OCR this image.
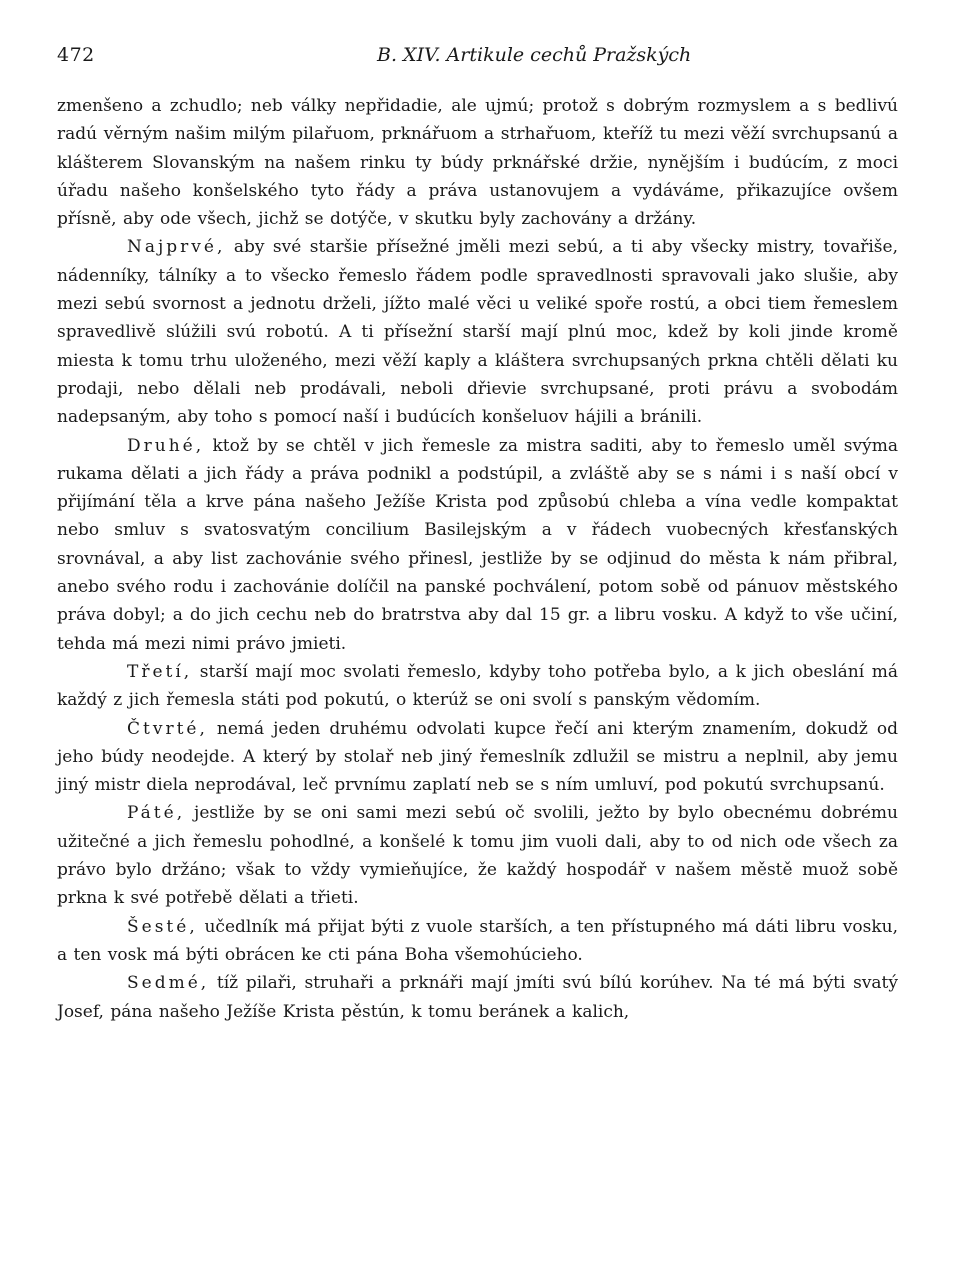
472	B. XIV. Artikule cechů Pražských

zmenšeno a zchudlo; neb války nepřidadie, ale ujmú; protož s dobrým rozmyslem a s bedlivú radú věrným našim milým pilařuom, prknářuom a strhařuom, kteříž tu mezi věží svrchupsanú a klášterem Slovanským na našem rinku ty búdy prknářské držie, nynějším i budúcím, z moci úřadu našeho konšelského tyto řády a práva ustanovujem a vydáváme, přikazujíce ovšem přísně, aby ode všech, jichž se dotýče, v skutku byly zachovány a držány.

Najprvé, aby své staršie přísežné jměli mezi sebú, a ti aby všecky mistry, tovařiše, nádenníky, tálníky a to všecko řemeslo řádem podle spravedlnosti spravovali jako slušie, aby mezi sebú svornost a jednotu drželi, jížto malé věci u veliké spoře rostú, a obci tiem řemeslem spravedlivě slúžili svú robotú. A ti přísežní starší mají plnú moc, kdež by koli jinde kromě miesta k tomu trhu uloženého, mezi věží kaply a kláštera svrchupsaných prkna chtěli dělati ku prodaji, nebo dělali neb prodávali, neboli dřievie svrchupsané, proti právu a svobodám nadepsaným, aby toho s pomocí naší i budúcích konšeluov hájili a bránili.

Druhé, ktož by se chtěl v jich řemesle za mistra saditi, aby to řemeslo uměl svýma rukama dělati a jich řády a práva podnikl a podstúpil, a zvláště aby se s námi i s naší obcí v přijímání těla a krve pána našeho Ježíše Krista pod způsobú chleba a vína vedle kompaktat nebo smluv s svatosvatým concilium Basilejským a v řádech vuobecných křesťanských srovnával, a aby list zachovánie svého přinesl, jestliže by se odjinud do města k nám přibral, anebo svého rodu i zachovánie dolíčil na panské pochválení, potom sobě od pánuov městského práva dobyl; a do jich cechu neb do bratrstva aby dal 15 gr. a libru vosku. A když to vše učiní, tehda má mezi nimi právo jmieti.

Třetí, starší mají moc svolati řemeslo, kdyby toho potřeba bylo, a k jich obeslání má každý z jich řemesla státi pod pokutú, o kterúž se oni svolí s panským vědomím.

Čtvrté, nemá jeden druhému odvolati kupce řečí ani kterým znamením, dokudž od jeho búdy neodejde. A který by stolař neb jiný řemeslník zdlužil se mistru a neplnil, aby jemu jiný mistr diela neprodával, leč prvnímu zaplatí neb se s ním umluví, pod pokutú svrchupsanú.

Páté, jestliže by se oni sami mezi sebú oč svolili, ježto by bylo obecnému dobrému užitečné a jich řemeslu pohodlné, a konšelé k tomu jim vuoli dali, aby to od nich ode všech za právo bylo držáno; však to vždy vymieňujíce, že každý hospodář v našem městě muož sobě prkna k své potřebě dělati a třieti.

Šesté, učedlník má přijat býti z vuole starších, a ten přístupného má dáti libru vosku, a ten vosk má býti obrácen ke cti pána Boha všemohúcieho.

Sedmé, tíž pilaři, struhaři a prknáři mají jmíti svú bílú korúhev. Na té má býti svatý Josef, pána našeho Ježíše Krista pěstún, k tomu beránek a kalich,
